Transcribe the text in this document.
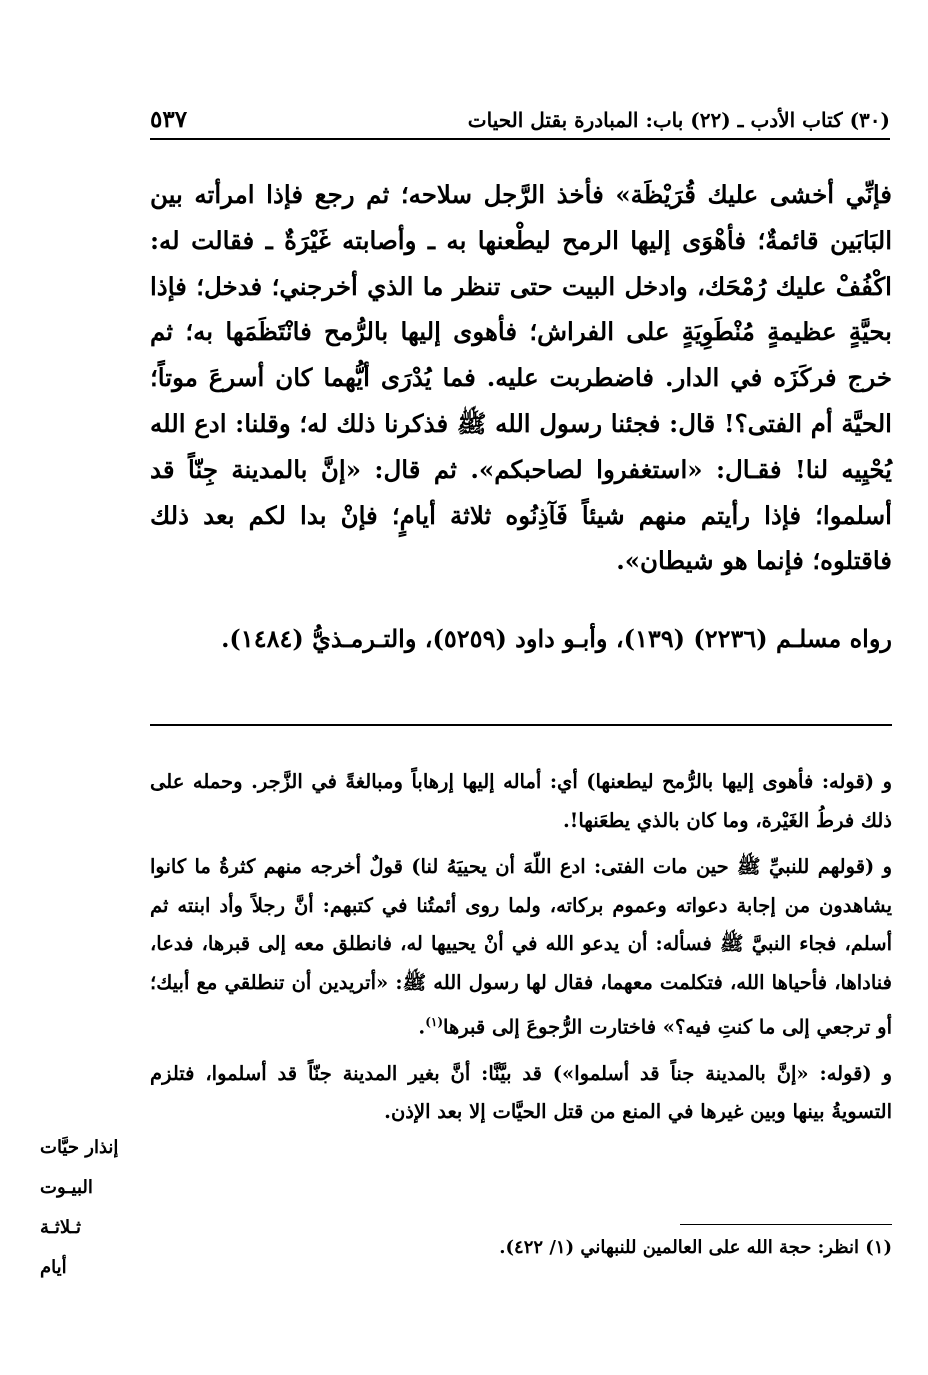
(٣٠) كتاب الأدب ـ (٢٢) باب: المبادرة بقتل الحيات
٥٣٧

فإنِّي أخشى عليك قُرَيْظَة» فأخذ الرَّجل سلاحه؛ ثم رجع فإذا امرأته بين البَابَين قائمةٌ؛ فأهْوَى إليها الرمح ليطْعنها به ـ وأصابته غَيْرَةٌ ـ فقالت له: اكْفُفْ عليك رُمْحَك، وادخل البيت حتى تنظر ما الذي أخرجني؛ فدخل؛ فإذا بحيَّةٍ عظيمةٍ مُنْطَوِيَةٍ على الفراش؛ فأهوى إليها بالرُّمح فانْتَظَمَها به؛ ثم خرج فركَزَه في الدار. فاضطربت عليه. فما يُدْرَى أيُّهما كان أسرعَ موتاً؛ الحيَّة أم الفتى؟! قال: فجئنا رسول الله ﷺ فذكرنا ذلك له؛ وقلنا: ادع الله يُحْيِيه لنا! فقـال: «استغفروا لصاحبكم». ثم قال: «إنَّ بالمدينة جِنّاً قد أسلموا؛ فإذا رأيتم منهم شيئاً فَآذِنُوه ثلاثة أيامٍ؛ فإنْ بدا لكم بعد ذلك فاقتلوه؛ فإنما هو شيطان».

رواه مسلـم (٢٢٣٦) (١٣٩)، وأبـو داود (٥٢٥٩)، والتـرمـذيُّ (١٤٨٤).

و (قوله: فأهوى إليها بالرُّمح ليطعنها) أي: أماله إليها إرهاباً ومبالغةً في الزَّجر. وحمله على ذلك فرطُ الغَيْرة، وما كان بالذي يطعَنها!.

و (قولهم للنبيِّ ﷺ حين مات الفتى: ادع اللّهَ أن يحييَهُ لنا) قولٌ أخرجه منهم كثرةُ ما كانوا يشاهدون من إجابة دعواته وعموم بركاته، ولما روى أئمتُنا في كتبهم: أنَّ رجلاً وأد ابنته ثم أسلم، فجاء النبيَّ ﷺ فسأله: أن يدعو الله في أنْ يحييها له، فانطلق معه إلى قبرها، فدعا، فناداها، فأحياها الله، فتكلمت معهما، فقال لها رسول الله ﷺ: «أتريدين أن تنطلقي مع أبيك؛ أو ترجعي إلى ما كنتِ فيه؟» فاختارت الرُّجوعَ إلى قبرها$^{(١)}$.

و (قوله: «إنَّ بالمدينة جناً قد أسلموا») قد بيَّنَّا: أنَّ بغير المدينة جنّاً قد أسلموا، فتلزم التسويةُ بينها وبين غيرها في المنع من قتل الحيَّات إلا بعد الإذن.

إنذار حيَّات
البيـوت ثـلاثـة
أيام
(١) انظر: حجة الله على العالمين للنبهاني (١/ ٤٢٢).
